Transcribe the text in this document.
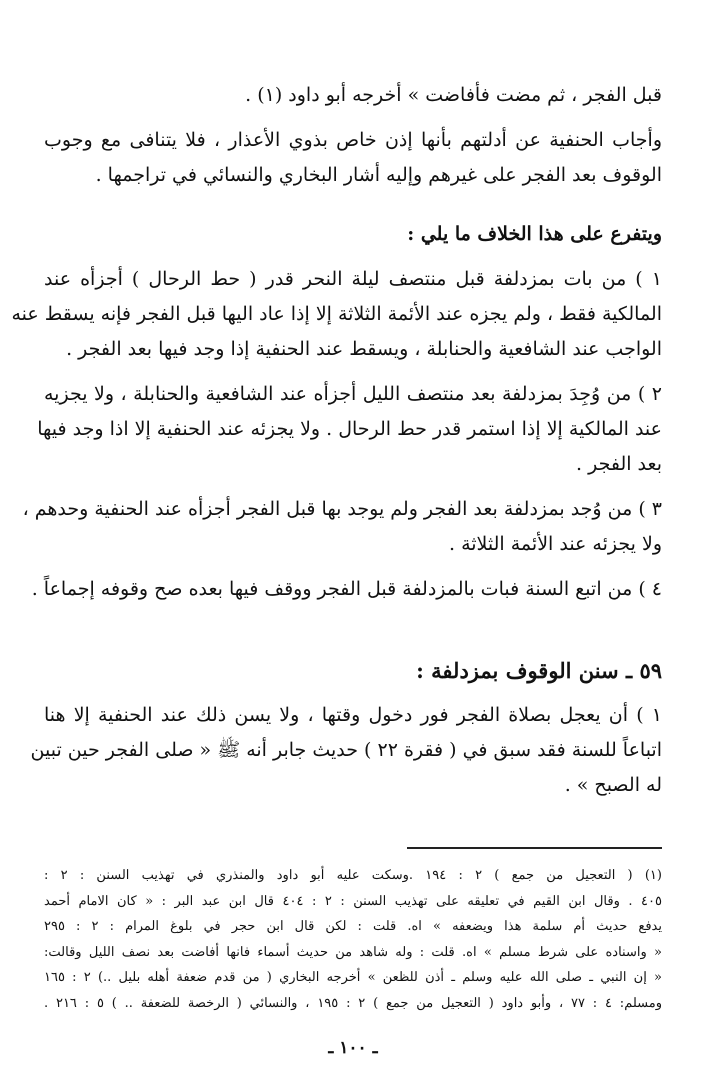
قبل الفجر ، ثم مضت فأفاضت » أخرجه أبو داود (١) .
وأجاب الحنفية عن أدلتهم بأنها إذن خاص بذوي الأعذار ، فلا يتنافى مع وجوب
الوقوف بعد الفجر على غيرهم وإليه أشار البخاري والنسائي في تراجمها .
ويتفرع على هذا الخلاف ما يلي :
١ ) من بات بمزدلفة قبل منتصف ليلة النحر قدر ( حط الرحال ) أجزأه عند
المالكية فقط ، ولم يجزه عند الأئمة الثلاثة إلا إذا عاد اليها قبل الفجر فإنه يسقط عنه
الواجب عند الشافعية والحنابلة ، ويسقط عند الحنفية إذا وجد فيها بعد الفجر .
٢ ) من وُجِدَ بمزدلفة بعد منتصف الليل أجزأه عند الشافعية والحنابلة ، ولا يجزيه
عند المالكية إلا إذا استمر قدر حط الرحال . ولا يجزئه عند الحنفية إلا اذا وجد فيها
بعد الفجر .
٣ ) من وُجد بمزدلفة بعد الفجر ولم يوجد بها قبل الفجر أجزأه عند الحنفية وحدهم ،
ولا يجزئه عند الأئمة الثلاثة .
٤ ) من اتبع السنة فبات بالمزدلفة قبل الفجر ووقف فيها بعده صح وقوفه إجماعاً .
٥٩ ـ سنن الوقوف بمزدلفة :
١ ) أن يعجل بصلاة الفجر فور دخول وقتها ، ولا يسن ذلك عند الحنفية إلا هنا
اتباعاً للسنة فقد سبق في ( فقرة ٢٢ ) حديث جابر أنه ﷺ « صلى الفجر حين تبين
له الصبح » .
(١) ( التعجيل من جمع ) ٢ : ١٩٤ .وسكت عليه أبو داود والمنذري في تهذيب السنن : ٢ :
٤٠٥ . وقال ابن القيم في تعليقه على تهذيب السنن : ٢ : ٤٠٤ قال ابن عبد البر : « كان الامام أحمد
يدفع حديث أم سلمة هذا ويضعفه » اه. قلت : لكن قال ابن حجر في بلوغ المرام : ٢ : ٢٩٥
« واسناده على شرط مسلم » اه. قلت : وله شاهد من حديث أسماء فانها أفاضت بعد نصف الليل وقالت:
« إن النبي ـ صلى الله عليه وسلم ـ أذن للظعن » أخرجه البخاري ( من قدم ضعفة أهله بليل ..) ٢ : ١٦٥
ومسلم: ٤ : ٧٧ ، وأبو داود ( التعجيل من جمع ) ٢ : ١٩٥ ، والنسائي ( الرخصة للضعفة .. ) ٥ : ٢١٦ .
ـ ١٠٠ ـ
